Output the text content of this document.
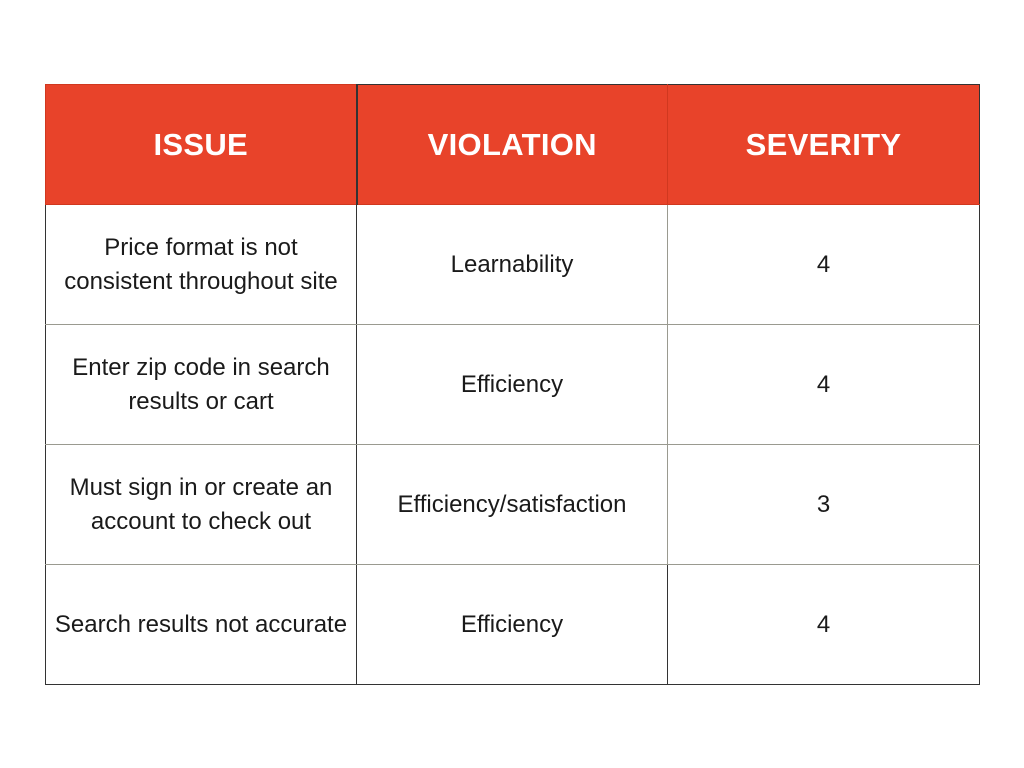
ISSUE	VIOLATION	SEVERITY
Price format is not consistent throughout site	Learnability	4
Enter zip code in search results or cart	Efficiency	4
Must sign in or create an account to check out	Efficiency/satisfaction	3
Search results not accurate	Efficiency	4
